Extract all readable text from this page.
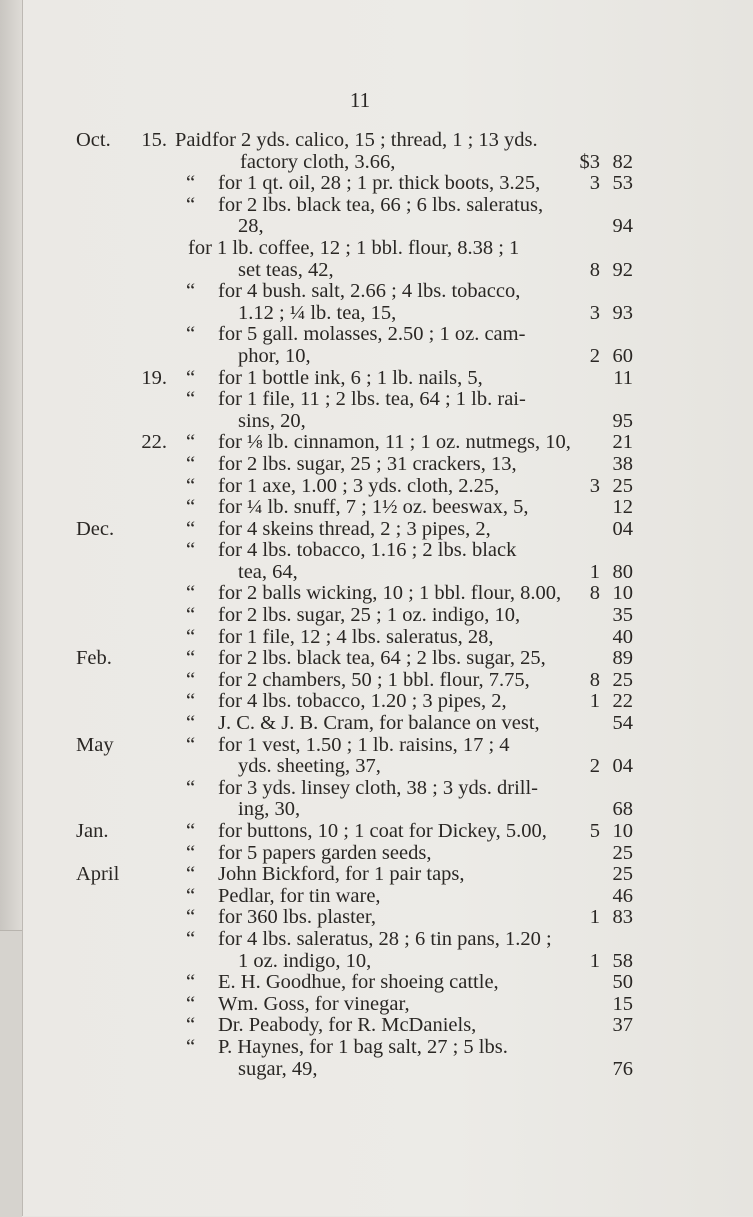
11
Oct. 15. Paid for 2 yds. calico, 15 ; thread, 1 ; 13 yds.
factory cloth, 3.66,	$3 82
“ for 1 qt. oil, 28 ; 1 pr. thick boots, 3.25, 3 53
“ for 2 lbs. black tea, 66 ; 6 lbs. saleratus,
28,	94
for 1 lb. coffee, 12 ; 1 bbl. flour, 8.38 ; 1
set teas, 42,	8 92
“ for 4 bush. salt, 2.66 ; 4 lbs. tobacco,
1.12 ; ¼ lb. tea, 15,	3 93
“ for 5 gall. molasses, 2.50 ; 1 oz. cam-
phor, 10,	2 60
19. “ for 1 bottle ink, 6 ; 1 lb. nails, 5,	11
“ for 1 file, 11 ; 2 lbs. tea, 64 ; 1 lb. rai-
sins, 20,	95
22. “ for ⅛ lb. cinnamon, 11 ; 1 oz. nutmegs, 10, 21
“ for 2 lbs. sugar, 25 ; 31 crackers, 13,	38
“ for 1 axe, 1.00 ; 3 yds. cloth, 2.25,	3 25
“ for ¼ lb. snuff, 7 ; 1½ oz. beeswax, 5,	12
Dec.	“ for 4 skeins thread, 2 ; 3 pipes, 2,	04
“ for 4 lbs. tobacco, 1.16 ; 2 lbs. black
tea, 64,	1 80
“ for 2 balls wicking, 10 ; 1 bbl. flour, 8.00, 8 10
“ for 2 lbs. sugar, 25 ; 1 oz. indigo, 10,	35
“ for 1 file, 12 ; 4 lbs. saleratus, 28,	40
Feb.	“ for 2 lbs. black tea, 64 ; 2 lbs. sugar, 25,	89
“ for 2 chambers, 50 ; 1 bbl. flour, 7.75,	8 25
“ for 4 lbs. tobacco, 1.20 ; 3 pipes, 2,	1 22
“ J. C. & J. B. Cram, for balance on vest,	54
May	“ for 1 vest, 1.50 ; 1 lb. raisins, 17 ; 4
yds. sheeting, 37,	2 04
“ for 3 yds. linsey cloth, 38 ; 3 yds. drill-
ing, 30,	68
Jan.	“ for buttons, 10 ; 1 coat for Dickey, 5.00, 5 10
“ for 5 papers garden seeds,	25
April	“ John Bickford, for 1 pair taps,	25
“ Pedlar, for tin ware,	46
“ for 360 lbs. plaster,	1 83
“ for 4 lbs. saleratus, 28 ; 6 tin pans, 1.20 ;
1 oz. indigo, 10,	1 58
“ E. H. Goodhue, for shoeing cattle,	50
“ Wm. Goss, for vinegar,	15
“ Dr. Peabody, for R. McDaniels,	37
“ P. Haynes, for 1 bag salt, 27 ; 5 lbs.
sugar, 49,	76
